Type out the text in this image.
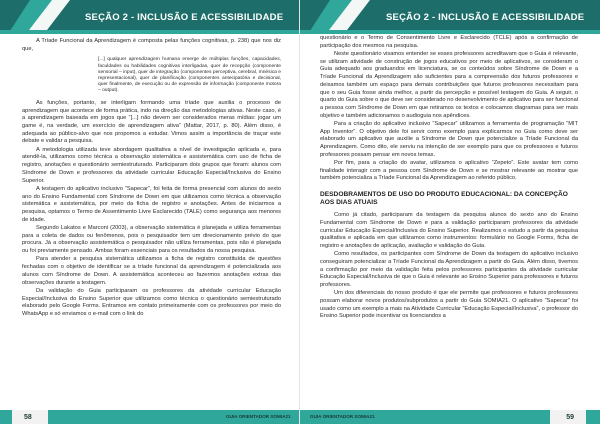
SEÇÃO 2 - INCLUSÃO E ACESSIBILIDADE

A Tríade Funcional da Aprendizagem é composta pelas funções cognitivas, p. 238) que nos diz que,

[...] qualquer aprendizagem humana emerge de múltiplas funções, capacidades, faculdades ou habilidades cognitivas interligadas, quer de recepção (componente sensorial – input), quer de integração (componentes perceptiva, cerebral, mnésica e representacional), quer de planificação (componentes antecipatória e decisional, quer finalmente, de execução ou de expressão de informação (componente motora – output).

As funções, portanto, se interligam formando uma tríade que auxilia o processo de aprendizagem que acontece de forma prática, indo na direção das metodologias ativas. Neste caso, é a aprendizagem baseada em jogos que “[...] não devem ser considerados meras mídias: jogar um game é, na verdade, um exercício de aprendizagem ativa” (Mattar, 2017, p. 80). Além disso, é adequada ao público-alvo que nos propomos a estudar. Vimos assim a importância de traçar este debate e validar a pesquisa.

A metodologia utilizada teve abordagem qualitativa a nível de investigação aplicada e, para atendê-la, utilizamos como técnica a observação sistemática e assistemática com uso de ficha de registro, anotações e questionário semiestruturado. Participaram dois grupos que foram: alunos com Síndrome de Down e professores da atividade curricular Educação Especial/Inclusiva do Ensino Superior.

A testagem do aplicativo inclusivo “Sapecar”, foi feita de forma presencial com alunos do sexto ano do Ensino Fundamental com Síndrome de Down em que utilizamos como técnica a observação sistemática e assistemática, por meio da ficha de registro e anotações. Antes de iniciarmos a pesquisa, optamos o Termo de Assentimento Livre Esclarecido (TALE) como segurança aos menores de idade.

Segundo Lakatos e Marconi (2003), a observação sistemática é planejada e utiliza ferramentas para a coleta de dados ou fenômenos, pois o pesquisador tem um direcionamento prévio do que procura. Já a observação assistemática o pesquisador não utiliza ferramentas, pois não é planejada ou foi previamente pensado. Ambas foram essenciais para os resultados da nossa pesquisa.

Para atender a pesquisa sistemática utilizamos a ficha de registro constituída de questões fechadas com o objetivo de identificar se a tríade funcional da aprendizagem é potencializada aos alunos com Síndrome de Down. A assistemática aconteceu ao fazermos anotações extras das observações durante a testagem.

Da validação do Guia participaram os professores da atividade curricular Educação Especial/Inclusiva do Ensino Superior que utilizamos como técnica o questionário semiestruturado elaborado pelo Google Forms. Entramos em contato primeiramente com os professores por meio do WhatsApp e só enviamos o e-mail com o link do

58	GUIA ORIENTADOR SOMIA21
SEÇÃO 2 - INCLUSÃO E ACESSIBILIDADE

questionário e o Termo de Consentimento Livre e Esclarecido (TCLE) após a confirmação de participação dos mesmos na pesquisa.

Neste questionário visamos entender se esses professores acreditavam que o Guia é relevante, se utilizam atividade de construção de jogos educativos por meio de aplicativos, se consideram o Guia adequado aos graduandos em licenciatura, se os conteúdos sobre Síndrome de Down e a Tríade Funcional da Aprendizagem são suficientes para a compreensão dos futuros professores e deixamos também um espaço para demais contribuições que futuros professores necessitam para que o seu Guia fosse ainda melhor, a partir da percepção e possível testagem do Guia. A seguir, o quarto do Guia sobre o que deve ser considerado no desenvolvimento de aplicativo para ser funcional a pessoa com Síndrome de Down em que retiramos os textos e colocamos diagramas para ser mais objetivo e também adicionamos o audioguia nos apêndices.

Para a criação do aplicativo inclusivo “Sapecar” utilizamos a ferramenta de programação “MIT App Inventor”. O objetivo dele foi servir como exemplo para explicarmos no Guia como deve ser elaborado um aplicativo que auxilie a Síndrome de Down que potencialize a Tríade Funcional da Aprendizagem. Como dito, ele serviu na intenção de ser exemplo para que os professores e futuros professores possam pensar em novos temas.

Por fim, para a criação do avatar, utilizamos o aplicativo “Zepeto”. Este avatar tem como finalidade interagir com a pessoa com Síndrome de Down e se mostrar relevante ao mostrar que também potencializa a Tríade Funcional da Aprendizagem ao referido público.

DESDOBRAMENTOS DE USO DO PRODUTO EDUCACIONAL: DA CONCEPÇÃO AOS DIAS ATUAIS

Como já citado, participaram da testagem da pesquisa alunos do sexto ano do Ensino Fundamental com Síndrome de Down e para a validação participaram professores da atividade curricular Educação Especial/Inclusiva do Ensino Superior. Realizamos o estudo a partir da pesquisa qualitativa e aplicada em que utilizamos como instrumentos: formulário no Google Forms, ficha de registro e anotações de aplicação, avaliação e validação do Guia.

Como resultados, os participantes com Síndrome de Down da testagem do aplicativo inclusivo conseguiram potencializar a Tríade Funcional da Aprendizagem a partir do Guia. Além disso, tivemos a confirmação por meio da validação feita pelos professores participantes da atividade curricular Educação Especial/Inclusiva de que o Guia é relevante ao Ensino Superior para professores e futuros professores.

Um dos diferenciais do nosso produto é que ele permite que professores e futuros professores possam elaborar novos produtos/subprodutos a partir do Guia SOMIA21. O aplicativo “Sapecar” foi usado como um exemplo a mais na Atividade Curricular “Educação Especial/Inclusiva”, o professor do Ensino Superior pode incentivar os licenciandos a

GUIA ORIENTADOR SOMIA21	59
